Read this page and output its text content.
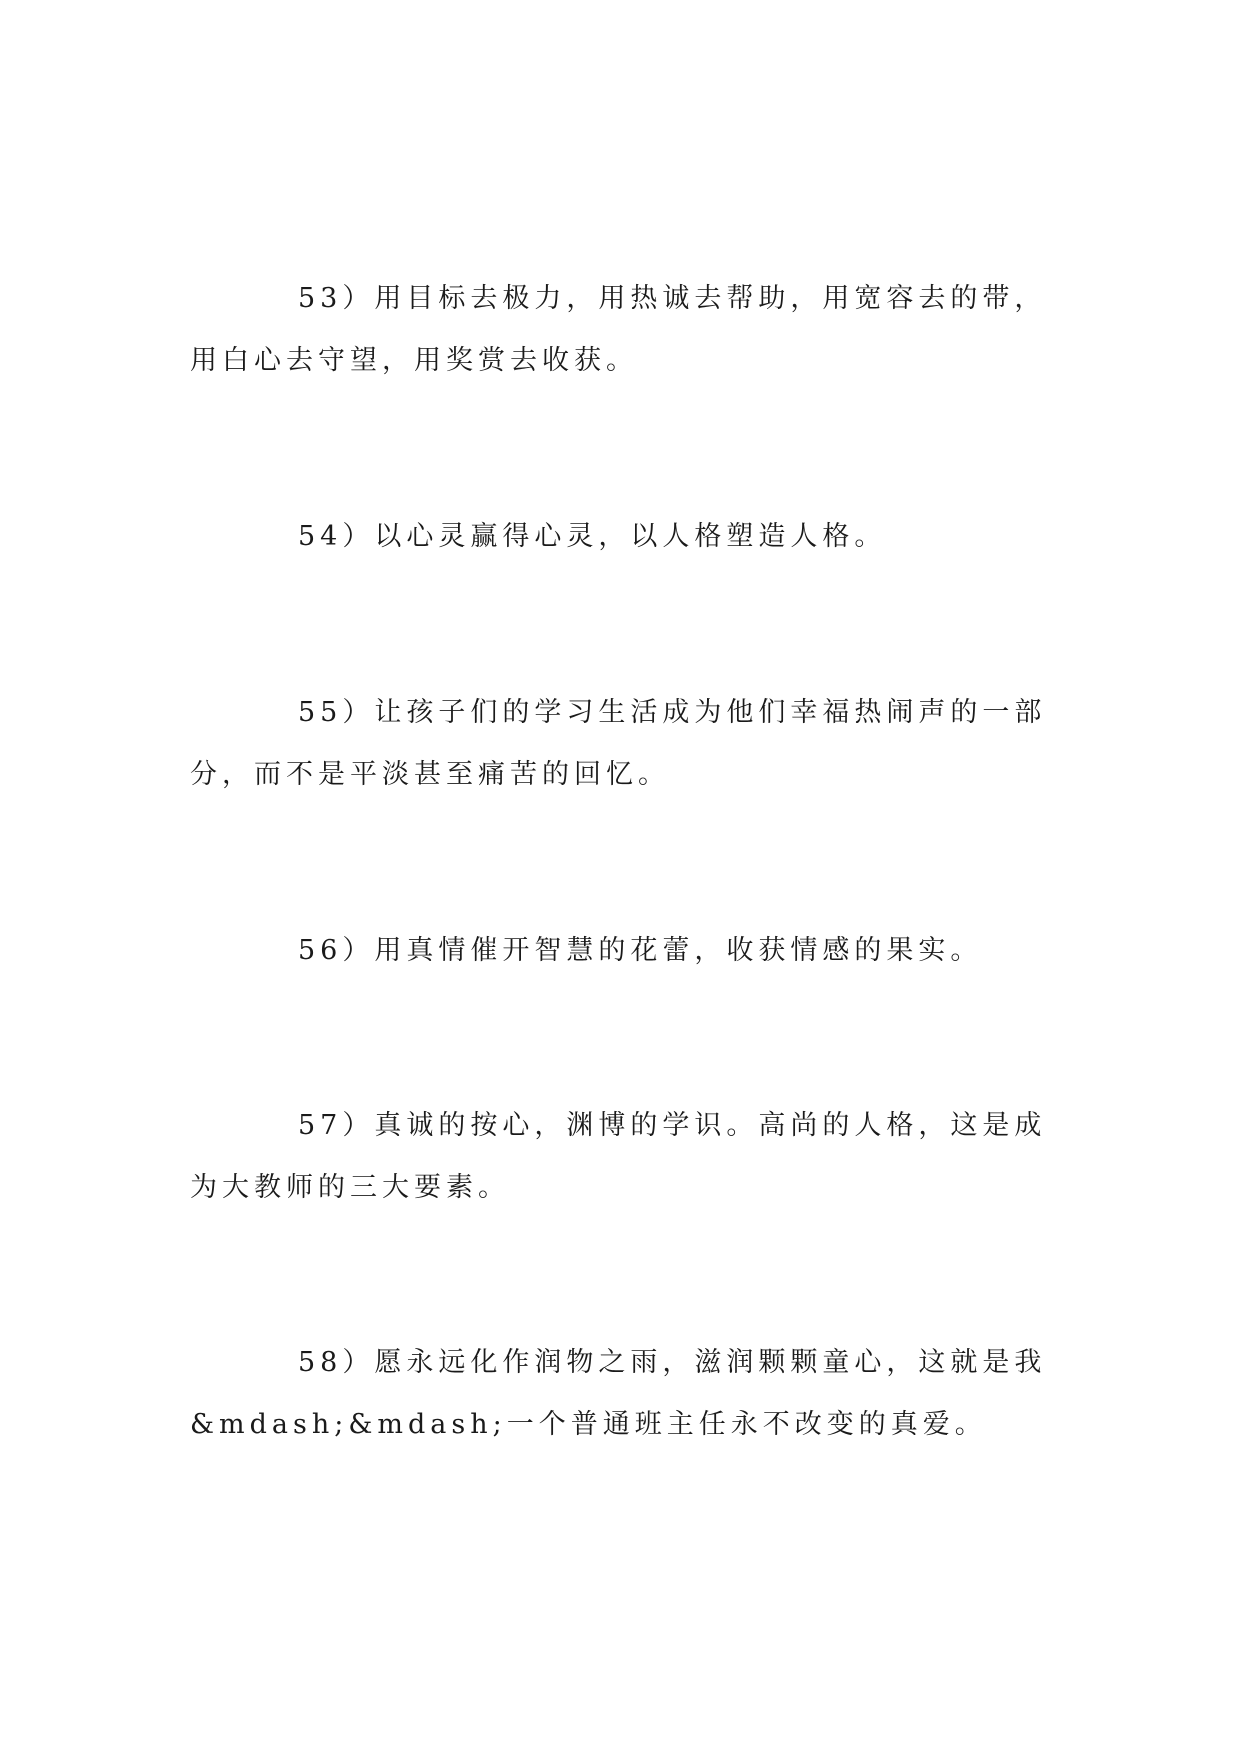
53）用目标去极力，用热诚去帮助，用宽容去的带，用白心去守望，用奖赏去收获。

54）以心灵赢得心灵，以人格塑造人格。

55）让孩子们的学习生活成为他们幸福热闹声的一部分，而不是平淡甚至痛苦的回忆。

56）用真情催开智慧的花蕾，收获情感的果实。

57）真诚的按心，渊博的学识。高尚的人格，这是成为大教师的三大要素。

58）愿永远化作润物之雨，滋润颗颗童心，这就是我&mdash;&mdash;一个普通班主任永不改变的真爱。
